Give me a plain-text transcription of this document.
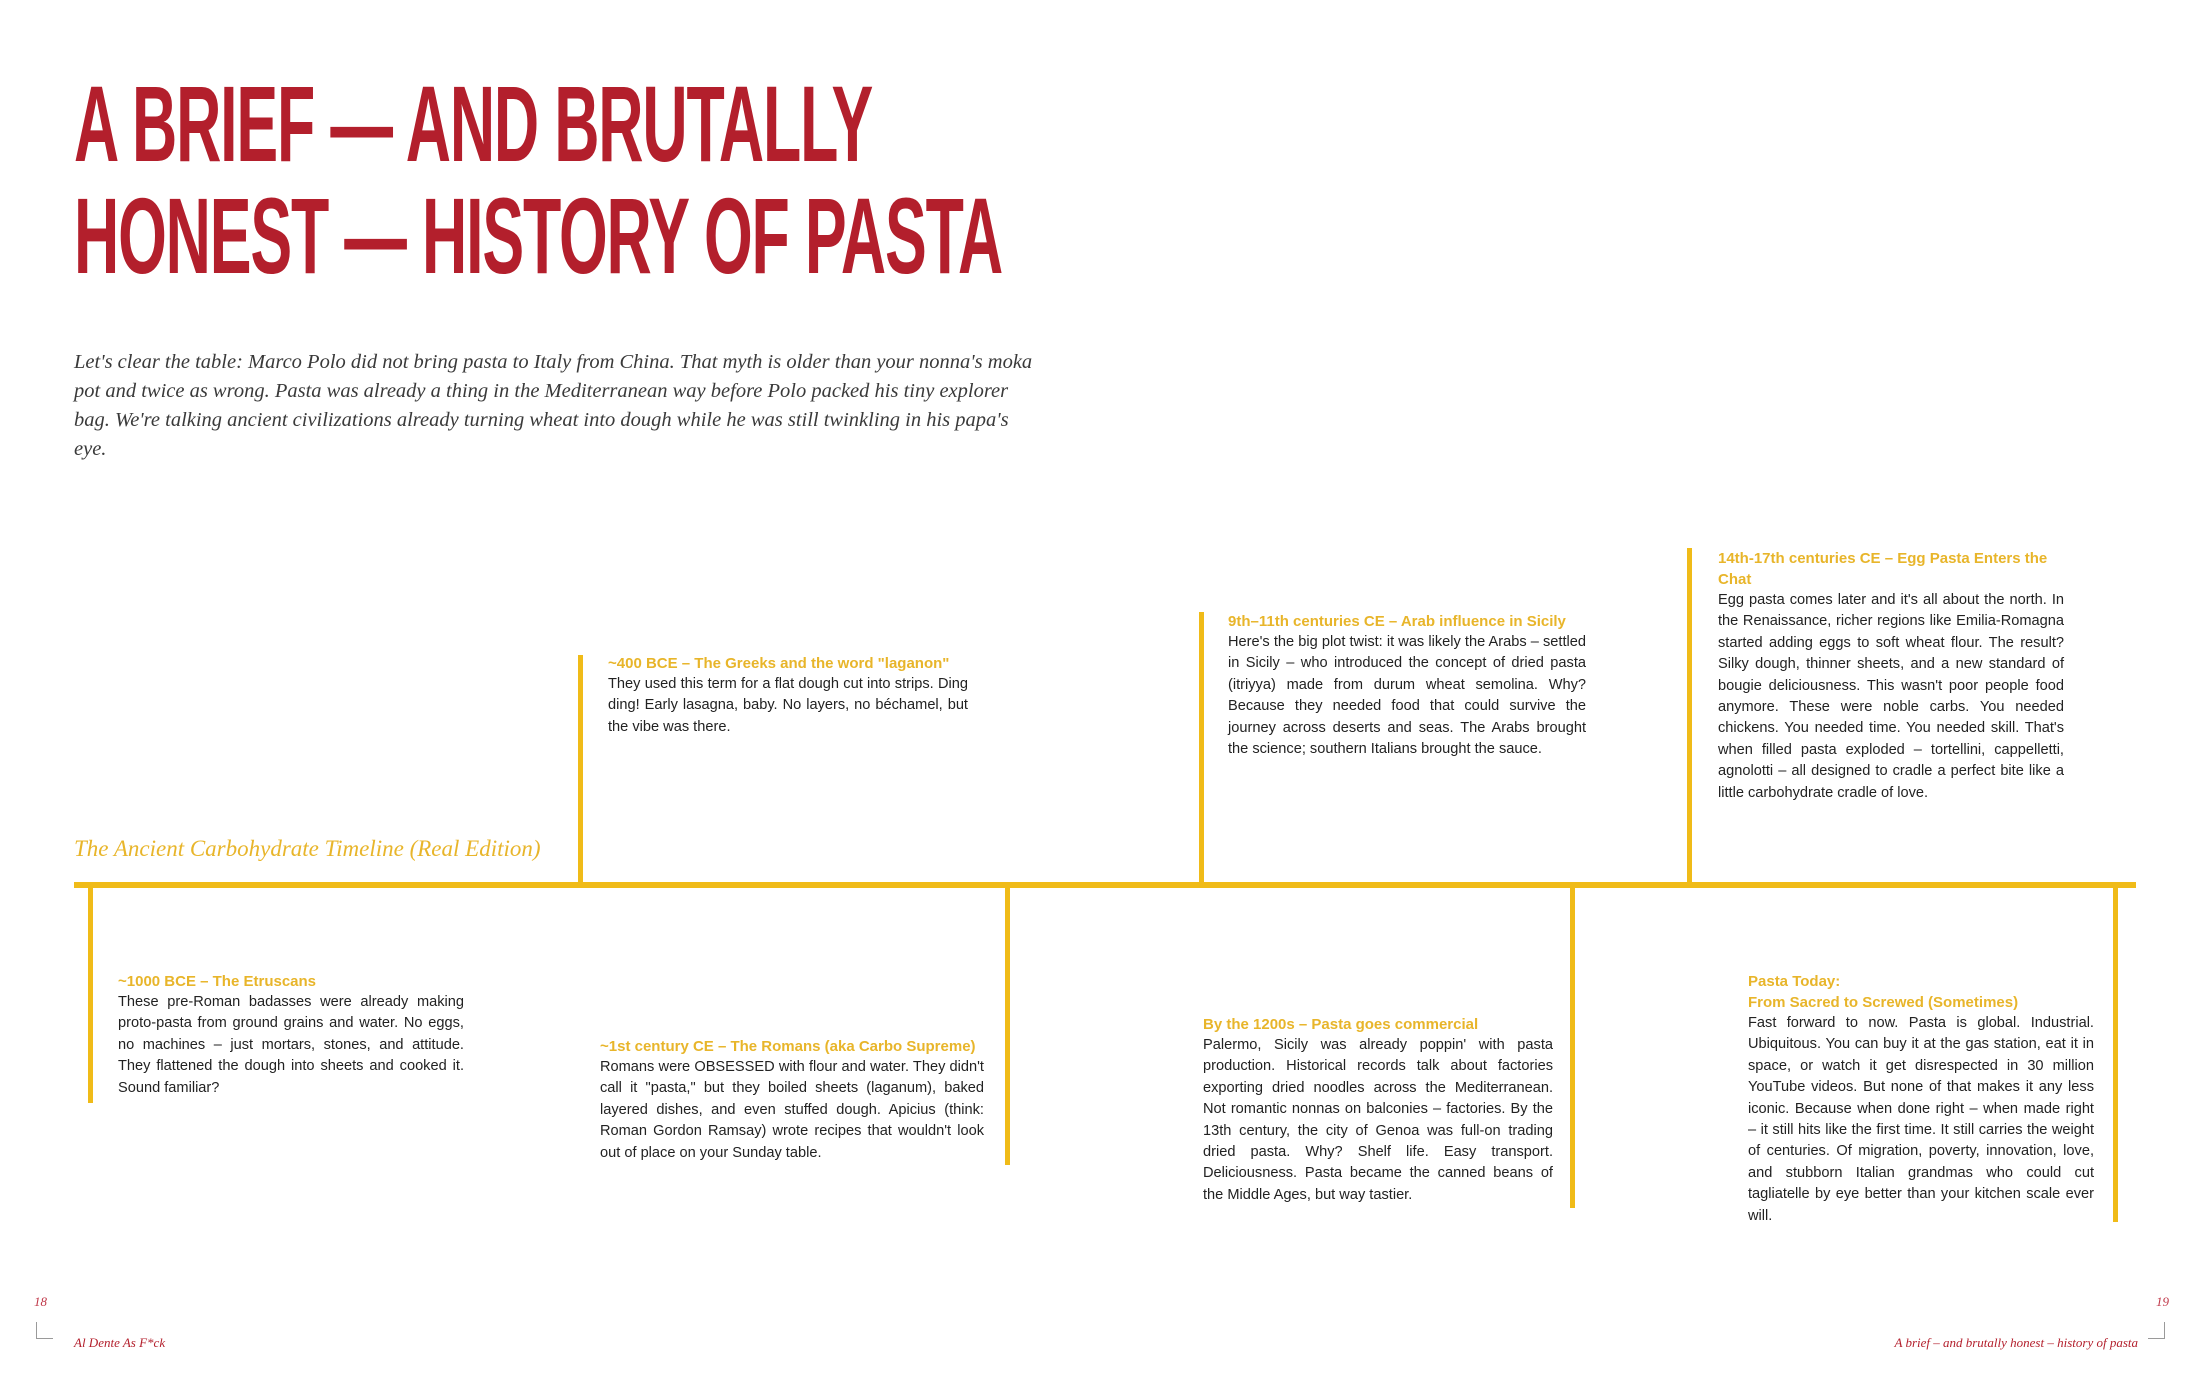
A BRIEF — AND BRUTALLY
HONEST — HISTORY OF PASTA

Let's clear the table: Marco Polo did not bring pasta to Italy from China. That myth is older than your nonna's moka pot and twice as wrong. Pasta was already a thing in the Mediterranean way before Polo packed his tiny explorer bag. We're talking ancient civilizations already turning wheat into dough while he was still twinkling in his papa's eye.

The Ancient Carbohydrate Timeline (Real Edition)

~1000 BCE – The Etruscans

These pre-Roman badasses were already making proto-pasta from ground grains and water. No eggs, no machines – just mortars, stones, and attitude. They flattened the dough into sheets and cooked it. Sound familiar?

~400 BCE – The Greeks and the word "laganon"

They used this term for a flat dough cut into strips. Ding ding! Early lasagna, baby. No layers, no béchamel, but the vibe was there.

~1st century CE – The Romans (aka Carbo Supreme)

Romans were OBSESSED with flour and water. They didn't call it "pasta," but they boiled sheets (laganum), baked layered dishes, and even stuffed dough. Apicius (think: Roman Gordon Ramsay) wrote recipes that wouldn't look out of place on your Sunday table.

9th–11th centuries CE – Arab influence in Sicily

Here's the big plot twist: it was likely the Arabs – settled in Sicily – who introduced the concept of dried pasta (itriyya) made from durum wheat semolina. Why? Because they needed food that could survive the journey across deserts and seas. The Arabs brought the science; southern Italians brought the sauce.

By the 1200s – Pasta goes commercial

Palermo, Sicily was already poppin' with pasta production. Historical records talk about factories exporting dried noodles across the Mediterranean. Not romantic nonnas on balconies – factories. By the 13th century, the city of Genoa was full-on trading dried pasta. Why? Shelf life. Easy transport. Deliciousness. Pasta became the canned beans of the Middle Ages, but way tastier.

14th-17th centuries CE – Egg Pasta Enters the Chat

Egg pasta comes later and it's all about the north. In the Renaissance, richer regions like Emilia-Romagna started adding eggs to soft wheat flour. The result? Silky dough, thinner sheets, and a new standard of bougie deliciousness. This wasn't poor people food anymore. These were noble carbs. You needed chickens. You needed time. You needed skill. That's when filled pasta exploded – tortellini, cappelletti, agnolotti – all designed to cradle a perfect bite like a little carbohydrate cradle of love.

Pasta Today:
From Sacred to Screwed (Sometimes)

Fast forward to now. Pasta is global. Industrial. Ubiquitous. You can buy it at the gas station, eat it in space, or watch it get disrespected in 30 million YouTube videos. But none of that makes it any less iconic. Because when done right – when made right – it still hits like the first time. It still carries the weight of centuries. Of migration, poverty, innovation, love, and stubborn Italian grandmas who could cut tagliatelle by eye better than your kitchen scale ever will.

18	19

Al Dente As F*ck	A brief – and brutally honest – history of pasta
